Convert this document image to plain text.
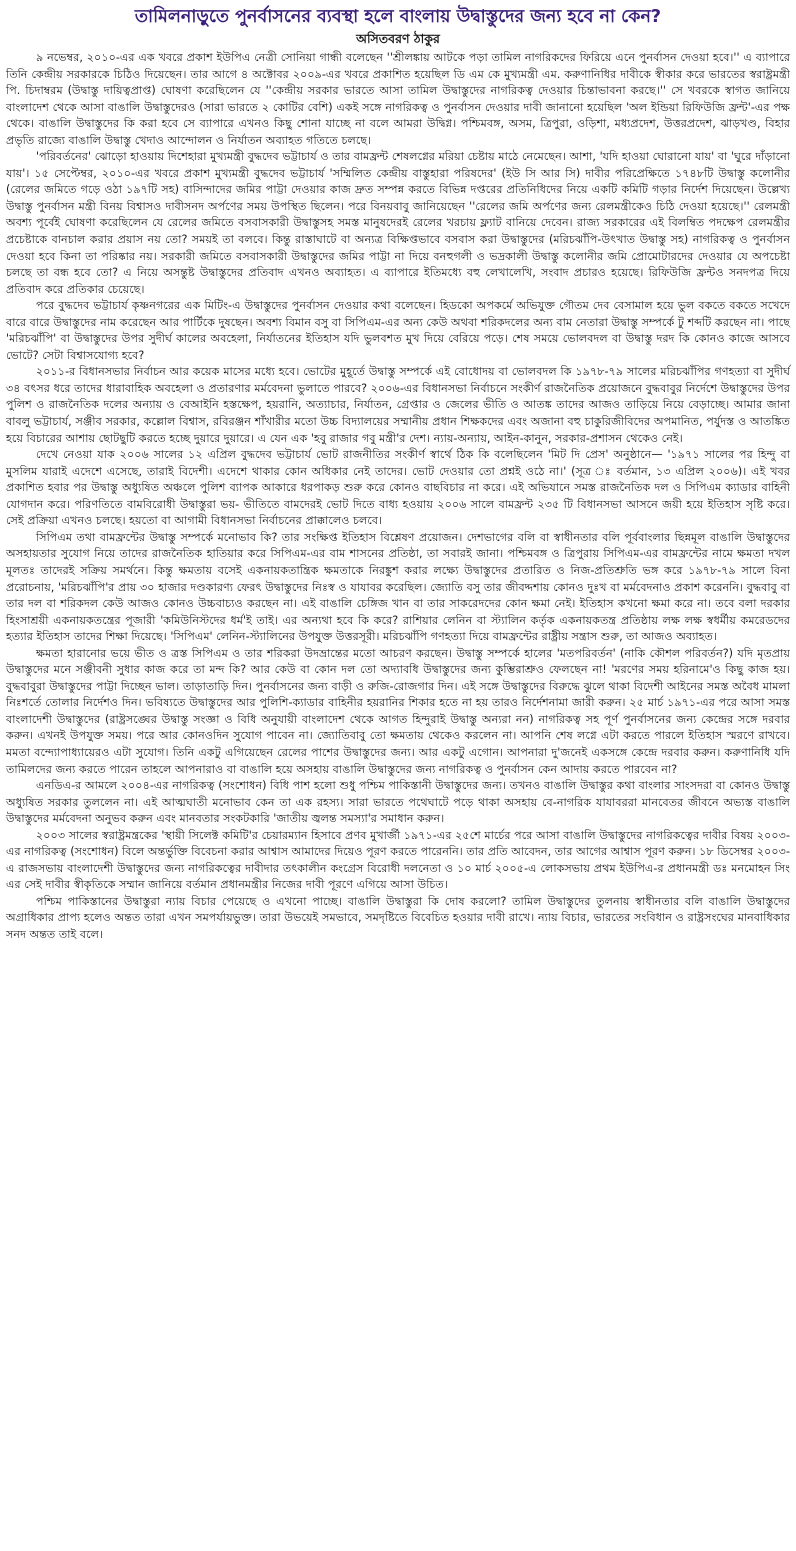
তামিলনাড়ুতে পুনর্বাসনের ব্যবস্থা হলে বাংলায় উদ্বাস্তুদের জন্য হবে না কেন?
অসিতবরণ ঠাকুর

৯ নভেম্বর, ২০১০-এর এক খবরে প্রকাশ ইউপিএ নেত্রী সোনিয়া গান্ধী বলেছেন ''শ্রীলঙ্কায় আটকে পড়া তামিল নাগরিকদের ফিরিয়ে এনে পুনর্বাসন দেওয়া হবে।'' এ ব্যাপারে তিনি কেন্দ্রীয় সরকারকে চিঠিও দিয়েছেন। তার আগে ৪ অক্টোবর ২০০৯-এর খবরে প্রকাশিত হয়েছিল ডি এম কে মুখ্যমন্ত্রী এম. করুণানিধির দাবীকে স্বীকার করে ভারতের স্বরাষ্ট্রমন্ত্রী পি. চিদাম্বরম (উদ্বাস্তু দায়িত্বপ্রাপ্ত) ঘোষণা করেছিলেন যে ''কেন্দ্রীয় সরকার ভারতে আসা তামিল উদ্বাস্তুদের নাগরিকত্ব দেওয়ার চিন্তাভাবনা করছে।'' সে খবরকে স্বাগত জানিয়ে বাংলাদেশ থেকে আসা বাঙালি উদ্বাস্তুদেরও (সারা ভারতে ২ কোটির বেশি) একই সঙ্গে নাগরিকত্ব ও পুনর্বাসন দেওয়ার দাবী জানানো হয়েছিল 'অল ইন্ডিয়া রিফিউজি ফ্রন্ট'-এর পক্ষ থেকে। বাঙালি উদ্বাস্তুদের কি করা হবে সে ব্যাপারে এখনও কিছু শোনা যাচ্ছে না বলে আমরা উদ্বিগ্ন। পশ্চিমবঙ্গ, অসম, ত্রিপুরা, ওড়িশা, মধ্যপ্রদেশ, উত্তরপ্রদেশ, ঝাড়খণ্ড, বিহার প্রভৃতি রাজ্যে বাঙালি উদ্বাস্তু খেদাও আন্দোলন ও নির্যাতন অব্যাহত গতিতে চলছে।

'পরিবর্তনের' ঝোড়ো হাওয়ায় দিশেহারা মুখ্যমন্ত্রী বুদ্ধদেব ভট্টাচার্য ও তার বামফ্রন্ট শেষলগ্নের মরিয়া চেষ্টায় মাঠে নেমেছেন। আশা, 'যদি হাওয়া ঘোরানো যায়' বা 'ঘুরে দাঁড়ানো যায়'। ১৫ সেপ্টেম্বর, ২০১০-এর খবরে প্রকাশ মুখ্যমন্ত্রী বুদ্ধদেব ভট্টাচার্য 'সম্মিলিত কেন্দ্রীয় বাস্তুহারা পরিষদের' (ইউ সি আর সি) দাবীর পরিপ্রেক্ষিতে ১৭৪৮টি উদ্বাস্তু কলোনীর (রেলের জমিতে গড়ে ওঠা ১৯৭টি সহ) বাসিন্দাদের জমির পাট্টা দেওয়ার কাজ দ্রুত সম্পন্ন করতে বিভিন্ন দপ্তরের প্রতিনিধিদের নিয়ে একটি কমিটি গড়ার নির্দেশ দিয়েছেন। উল্লেখ্য উদ্বাস্তু পুনর্বাসন মন্ত্রী বিনয় বিশ্বাসও দাবীসনদ অর্পণের সময় উপস্থিত ছিলেন। পরে বিনয়বাবু জানিয়েছেন ''রেলের জমি অর্পণের জন্য রেলমন্ত্রীকেও চিঠি দেওয়া হয়েছে।'' রেলমন্ত্রী অবশ্য পূর্বেই ঘোষণা করেছিলেন যে রেলের জমিতে বসবাসকারী উদ্বাস্তুসহ সমস্ত মানুষদেরই রেলের খরচায় ফ্ল্যাট বানিয়ে দেবেন। রাজ্য সরকারের এই বিলম্বিত পদক্ষেপ রেলমন্ত্রীর প্রচেষ্টাকে বানচাল করার প্রয়াস নয় তো? সময়ই তা বলবে। কিন্তু রাস্তাঘাটে বা অন্যত্র বিক্ষিপ্তভাবে বসবাস করা উদ্বাস্তুদের (মরিচঝাঁপি-উৎখাত উদ্বাস্তু সহ) নাগরিকত্ব ও পুনর্বাসন দেওয়া হবে কিনা তা পরিষ্কার নয়। সরকারী জমিতে বসবাসকারী উদ্বাস্তুদের জমির পাট্টা না দিয়ে বনহুগলী ও ভদ্রকালী উদ্বাস্তু কলোনীর জমি প্রোমোটারদের দেওয়ার যে অপচেষ্টা চলছে তা বন্ধ হবে তো? এ নিয়ে অসন্তুষ্ট উদ্বাস্তুদের প্রতিবাদ এখনও অব্যাহত। এ ব্যাপারে ইতিমধ্যে বহু লেখালেখি, সংবাদ প্রচারও হয়েছে। রিফিউজি ফ্রন্টও সনদপত্র দিয়ে প্রতিবাদ করে প্রতিকার চেয়েছে।

পরে বুদ্ধদেব ভট্টাচার্য কৃষ্ণনগরের এক মিটিং-এ উদ্বাস্তুদের পুনর্বাসন দেওয়ার কথা বলেছেন। হিডকো অপকর্মে অভিযুক্ত গৌতম দেব বেসামাল হয়ে ভুল বকতে বকতে সখেদে বারে বারে উদ্বাস্তুদের নাম করেছেন আর পার্টিকে দুষছেন। অবশ্য বিমান বসু বা সিপিএম-এর অন্য কেউ অথবা শরিকদলের অন্য বাম নেতারা উদ্বাস্তু সম্পর্কে টু শব্দটি করছেন না। পাছে 'মরিচঝাঁপি' বা উদ্বাস্তুদের উপর সুদীর্ঘ কালের অবহেলা, নির্যাতনের ইতিহাস যদি ভুলবশত মুখ দিয়ে বেরিয়ে পড়ে। শেষ সময়ে ভোলবদল বা উদ্বাস্তু দরদ কি কোনও কাজে আসবে ভোটে? সেটা বিশ্বাসযোগ্য হবে?

২০১১-র বিধানসভার নির্বাচন আর কয়েক মাসের মধ্যে হবে। ভোটের মুহূর্তে উদ্বাস্তু সম্পর্কে এই বোধোদয় বা ভোলবদল কি ১৯৭৮-৭৯ সালের মরিচঝাঁপির গণহত্যা বা সুদীর্ঘ ৩৪ বৎসর ধরে তাদের ধারাবাহিক অবহেলা ও প্রতারণার মর্মবেদনা ভুলাতে পারবে? ২০০৬-এর বিধানসভা নির্বাচনে সংকীর্ণ রাজনৈতিক প্রয়োজনে বুদ্ধবাবুর নির্দেশে উদ্বাস্তুদের উপর পুলিশ ও রাজনৈতিক দলের অন্যায় ও বেআইনি হস্তক্ষেপ, হয়রানি, অত্যাচার, নির্যাতন, গ্রেপ্তার ও জেলের ভীতি ও আতঙ্ক তাদের আজও তাড়িয়ে নিয়ে বেড়াচ্ছে। আমার জানা বাবলু ভট্টাচার্য, সঞ্জীব সরকার, কল্লোল বিশ্বাস, রবিরঞ্জন শাঁখারীর মতো উচ্চ বিদ্যালয়ের সম্মানীয় প্রধান শিক্ষকদের এবং অজানা বহু চাকুরিজীবিদের অপমানিত, পর্যুদস্ত ও আতঙ্কিত হয়ে বিচারের আশায় ছোটছুটি করতে হচ্ছে দুয়ারে দুয়ারে। এ যেন এক 'হবু রাজার গবু মন্ত্রী'র দেশ। ন্যায়-অন্যায়, আইন-কানুন, সরকার-প্রশাসন থেকেও নেই।

দেখে নেওয়া যাক ২০০৬ সালের ১২ এপ্রিল বুদ্ধদেব ভট্টাচার্য ভোট রাজনীতির সংকীর্ণ স্বার্থে ঠিক কি বলেছিলেন 'মিট দি প্রেস' অনুষ্ঠানে— '১৯৭১ সালের পর হিন্দু বা মুসলিম যারাই এদেশে এসেছে, তারাই বিদেশী। এদেশে থাকার কোন অধিকার নেই তাদের। ভোট দেওয়ার তো প্রশ্নই ওঠে না।' (সূত্র ঃ বর্তমান, ১৩ এপ্রিল ২০০৬)। এই খবর প্রকাশিত হবার পর উদ্বাস্তু অধ্যুষিত অঞ্চলে পুলিশ ব্যাপক আকারে ধরপাকড় শুরু করে কোনও বাছবিচার না করে। এই অভিযানে সমস্ত রাজনৈতিক দল ও সিপিএম ক্যাডার বাহিনী যোগদান করে। পরিণতিতে বামবিরোধী উদ্বাস্তুরা ভয়- ভীতিতে বামদেরই ভোট দিতে বাধ্য হওয়ায় ২০০৬ সালে বামফ্রন্ট ২৩৫ টি বিধানসভা আসনে জয়ী হয়ে ইতিহাস সৃষ্টি করে। সেই প্রক্রিয়া এখনও চলছে। হয়তো বা আগামী বিধানসভা নির্বাচনের প্রাক্কালেও চলবে।

সিপিএম তথা বামফ্রন্টের উদ্বাস্তু সম্পর্কে মনোভাব কি? তার সংক্ষিপ্ত ইতিহাস বিশ্লেষণ প্রয়োজন। দেশভাগের বলি বা স্বাধীনতার বলি পূর্ববাংলার ছিন্নমূল বাঙালি উদ্বাস্তুদের অসহায়তার সুযোগ নিয়ে তাদের রাজনৈতিক হাতিয়ার করে সিপিএম-এর বাম শাসনের প্রতিষ্ঠা, তা সবারই জানা। পশ্চিমবঙ্গ ও ত্রিপুরায় সিপিএম-এর বামফ্রন্টের নামে ক্ষমতা দখল মূলতঃ তাদেরই সক্রিয় সমর্থনে। কিন্তু ক্ষমতায় বসেই একনায়কতান্ত্রিক ক্ষমতাকে নিরঙ্কুশ করার লক্ষ্যে উদ্বাস্তুদের প্রতারিত ও নিজ-প্রতিশ্রুতি ভঙ্গ করে ১৯৭৮-৭৯ সালে বিনা প্ররোচনায়, 'মরিচঝাঁপি'র প্রায় ৩০ হাজার দণ্ডকারণ্য ফেরৎ উদ্বাস্তুদের নিঃস্ব ও যাযাবর করেছিল। জ্যোতি বসু তার জীবদ্দশায় কোনও দুঃখ বা মর্মবেদনাও প্রকাশ করেননি। বুদ্ধবাবু বা তার দল বা শরিকদল কেউ আজও কোনও উচ্চবাচ্যও করছেন না। এই বাঙালি চেঙ্গিজ খান বা তার সাকরেদদের কোন ক্ষমা নেই। ইতিহাস কখনো ক্ষমা করে না। তবে বলা দরকার হিংসাশ্রয়ী একনায়কতন্ত্রের পূজারী 'কমিউনিস্টদের ধর্ম'ই তাই। এর অন্যথা হবে কি করে? রাশিয়ার লেনিন বা স্ট্যালিন কর্তৃক একনায়কতন্ত্র প্রতিষ্ঠায় লক্ষ লক্ষ স্বধর্মীয় কমরেডদের হত্যার ইতিহাস তাদের শিক্ষা দিয়েছে। 'সিপিএম' লেনিন-স্ট্যালিনের উপযুক্ত উত্তরসূরী। মরিচঝাঁপি গণহত্যা দিয়ে বামফ্রন্টের রাষ্ট্রীয় সন্ত্রাস শুরু, তা আজও অব্যাহত।

ক্ষমতা হারানোর ভয়ে ভীত ও ত্রস্ত সিপিএম ও তার শরিকরা উদভ্রান্তের মতো আচরণ করছেন। উদ্বাস্তু সম্পর্কে হালের 'মতপরিবর্তন' (নাকি কৌশল পরিবর্তন?) যদি মৃতপ্রায় উদ্বাস্তুদের মনে সঞ্জীবনী সুধার কাজ করে তা মন্দ কি? আর কেউ বা কোন দল তো অদ্যাবধি উদ্বাস্তুদের জন্য কুম্ভিরাশ্রুও ফেলছেন না! 'মরণের সময় হরিনামে'ও কিছু কাজ হয়। বুদ্ধবাবুরা উদ্বাস্তুদের পাট্টা দিচ্ছেন ভাল। তাড়াতাড়ি দিন। পুনর্বাসনের জন্য বাড়ী ও রুজি-রোজগার দিন। এই সঙ্গে উদ্বাস্তুদের বিরুদ্ধে ঝুলে থাকা বিদেশী আইনের সমস্ত অবৈধ মামলা নিঃশর্তে তোলার নির্দেশও দিন। ভবিষ্যতে উদ্বাস্তুদের আর পুলিশি-ক্যাডার বাহিনীর হয়রানির শিকার হতে না হয় তারও নির্দেশনামা জারী করুন। ২৫ মার্চ ১৯৭১-এর পরে আসা সমস্ত বাংলাদেশী উদ্বাস্তুদের (রাষ্ট্রসঙ্ঘের উদ্বাস্তু সংজ্ঞা ও বিধি অনুযায়ী বাংলাদেশ থেকে আগত হিন্দুরাই উদ্বাস্তু অন্যরা নন) নাগরিকত্ব সহ পূর্ণ পুনর্বাসনের জন্য কেন্দ্রের সঙ্গে দরবার করুন। এখনই উপযুক্ত সময়। পরে আর কোনওদিন সুযোগ পাবেন না। জ্যোতিবাবু তো ক্ষমতায় থেকেও করলেন না। আপনি শেষ লগ্নে এটা করতে পারলে ইতিহাস স্মরণে রাখবে। মমতা বন্দ্যোপাধ্যায়েরও এটা সুযোগ। তিনি একটু এগিয়েছেন রেলের পাশের উদ্বাস্তুদের জন্য। আর একটু এগোন। আপনারা দু'জনেই একসঙ্গে কেন্দ্রে দরবার করুন। করুণানিধি যদি তামিলদের জন্য করতে পারেন তাহলে আপনারাও বা বাঙালি হয়ে অসহায় বাঙালি উদ্বাস্তুদের জন্য নাগরিকত্ব ও পুনর্বাসন কেন আদায় করতে পারবেন না?

এনডিএ-র আমলে ২০০৪-এর নাগরিকত্ব (সংশোধন) বিধি পাশ হলো শুধু পশ্চিম পাকিস্তানী উদ্বাস্তুদের জন্য। তখনও বাঙালি উদ্বাস্তুর কথা বাংলার সাংসদরা বা কোনও উদ্বাস্তু অধ্যুষিত সরকার তুললেন না। এই আত্মঘাতী মনোভাব কেন তা এক রহস্য। সারা ভারতে পথেঘাটে পড়ে থাকা অসহায় বে-নাগরিক যাযাবররা মানবেতর জীবনে অভ্যস্ত বাঙালি উদ্বাস্তুদের মর্মবেদনা অনুভব করুন এবং মানবতার সংকটকারি 'জাতীয় জ্বলন্ত সমস্যা'র সমাধান করুন।

২০০৩ সালের স্বরাষ্ট্রমন্ত্রকের 'স্থায়ী সিলেক্ট কমিটি'র চেয়ারম্যান হিসাবে প্রণব মুখার্জী ১৯৭১-এর ২৫শে মার্চের পরে আসা বাঙালি উদ্বাস্তুদের নাগরিকত্বের দাবীর বিষয় ২০০৩-এর নাগরিকত্ব (সংশোধন) বিলে অন্তর্ভুক্তি বিবেচনা করার আশ্বাস আমাদের দিয়েও পূরণ করতে পারেননি। তার প্রতি আবেদন, তার আগের আশ্বাস পূরণ করুন। ১৮ ডিসেম্বর ২০০৩-এ রাজসভায় বাংলাদেশী উদ্বাস্তুদের জন্য নাগরিকত্বের দাবীদার তৎকালীন কংগ্রেস বিরোধী দলনেতা ও ১০ মার্চ ২০০৫-এ লোকসভায় প্রথম ইউপিএ-র প্রধানমন্ত্রী ডঃ মনমোহন সিং এর সেই দাবীর স্বীকৃতিকে সম্মান জানিয়ে বর্তমান প্রধানমন্ত্রীর নিজের দাবী পূরণে এগিয়ে আসা উচিত।

পশ্চিম পাকিস্তানের উদ্বাস্তুরা ন্যায় বিচার পেয়েছে ও এখনো পাচ্ছে। বাঙালি উদ্বাস্তুরা কি দোষ করলো? তামিল উদ্বাস্তুদের তুলনায় স্বাধীনতার বলি বাঙালি উদ্বাস্তুদের অগ্রাধিকার প্রাপ্য হলেও অন্তত তারা এখন সমপর্যায়ভুক্ত। তারা উভয়েই সমভাবে, সমদৃষ্টিতে বিবেচিত হওয়ার দাবী রাখে। ন্যায় বিচার, ভারতের সংবিধান ও রাষ্ট্রসংঘের মানবাধিকার সনদ অন্তত তাই বলে।
